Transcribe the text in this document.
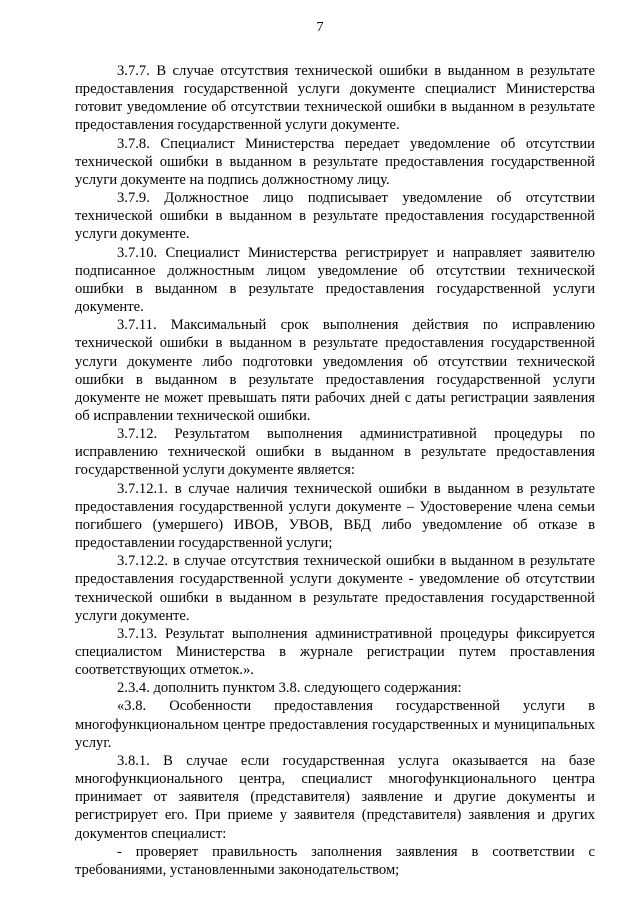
7

3.7.7. В случае отсутствия технической ошибки в выданном в результате предоставления государственной услуги документе специалист Министерства готовит уведомление об отсутствии технической ошибки в выданном в результате предоставления государственной услуги документе.

3.7.8. Специалист Министерства передает уведомление об отсутствии технической ошибки в выданном в результате предоставления государственной услуги документе на подпись должностному лицу.

3.7.9. Должностное лицо подписывает уведомление об отсутствии технической ошибки в выданном в результате предоставления государственной услуги документе.

3.7.10. Специалист Министерства регистрирует и направляет заявителю подписанное должностным лицом уведомление об отсутствии технической ошибки в выданном в результате предоставления государственной услуги документе.

3.7.11. Максимальный срок выполнения действия по исправлению технической ошибки в выданном в результате предоставления государственной услуги документе либо подготовки уведомления об отсутствии технической ошибки в выданном в результате предоставления государственной услуги документе не может превышать пяти рабочих дней с даты регистрации заявления об исправлении технической ошибки.

3.7.12. Результатом выполнения административной процедуры по исправлению технической ошибки в выданном в результате предоставления государственной услуги документе является:

3.7.12.1. в случае наличия технической ошибки в выданном в результате предоставления государственной услуги документе – Удостоверение члена семьи погибшего (умершего) ИВОВ, УВОВ, ВБД либо уведомление об отказе в предоставлении государственной услуги;

3.7.12.2. в случае отсутствия технической ошибки в выданном в результате предоставления государственной услуги документе - уведомление об отсутствии технической ошибки в выданном в результате предоставления государственной услуги документе.

3.7.13. Результат выполнения административной процедуры фиксируется специалистом Министерства в журнале регистрации путем проставления соответствующих отметок.».

2.3.4. дополнить пунктом 3.8. следующего содержания:

«3.8. Особенности предоставления государственной услуги в многофункциональном центре предоставления государственных и муниципальных услуг.

3.8.1. В случае если государственная услуга оказывается на базе многофункционального центра, специалист многофункционального центра принимает от заявителя (представителя) заявление и другие документы и регистрирует его. При приеме у заявителя (представителя) заявления и других документов специалист:

- проверяет правильность заполнения заявления в соответствии с требованиями, установленными законодательством;
